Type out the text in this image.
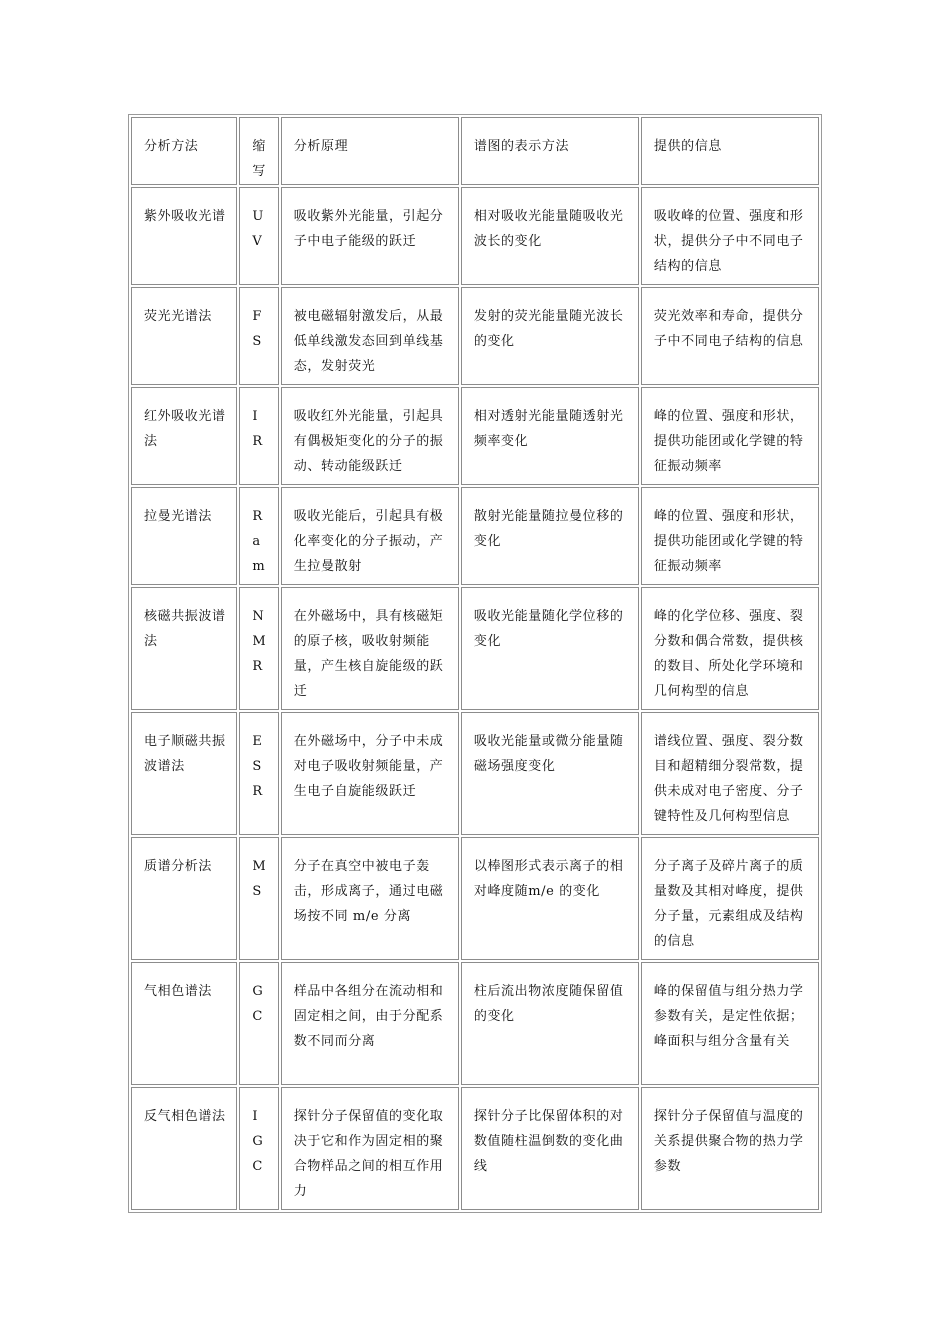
分析方法	缩写	分析原理	谱图的表示方法	提供的信息
紫外吸收光谱	UV	吸收紫外光能量，引起分子中电子能级的跃迁	相对吸收光能量随吸收光波长的变化	吸收峰的位置、强度和形状，提供分子中不同电子结构的信息
荧光光谱法	FS	被电磁辐射激发后，从最低单线激发态回到单线基态，发射荧光	发射的荧光能量随光波长的变化	荧光效率和寿命，提供分子中不同电子结构的信息
红外吸收光谱法	IR	吸收红外光能量，引起具有偶极矩变化的分子的振动、转动能级跃迁	相对透射光能量随透射光频率变化	峰的位置、强度和形状，提供功能团或化学键的特征振动频率
拉曼光谱法	Ram	吸收光能后，引起具有极化率变化的分子振动，产生拉曼散射	散射光能量随拉曼位移的变化	峰的位置、强度和形状，提供功能团或化学键的特征振动频率
核磁共振波谱法	NMR	在外磁场中，具有核磁矩的原子核，吸收射频能量，产生核自旋能级的跃迁	吸收光能量随化学位移的变化	峰的化学位移、强度、裂分数和偶合常数，提供核的数目、所处化学环境和几何构型的信息
电子顺磁共振波谱法	ESR	在外磁场中，分子中未成对电子吸收射频能量，产生电子自旋能级跃迁	吸收光能量或微分能量随磁场强度变化	谱线位置、强度、裂分数目和超精细分裂常数，提供未成对电子密度、分子键特性及几何构型信息
质谱分析法	MS	分子在真空中被电子轰击，形成离子，通过电磁场按不同 m/e 分离	以棒图形式表示离子的相对峰度随m/e 的变化	分子离子及碎片离子的质量数及其相对峰度，提供分子量，元素组成及结构的信息
气相色谱法	GC	样品中各组分在流动相和固定相之间，由于分配系数不同而分离	柱后流出物浓度随保留值的变化	峰的保留值与组分热力学参数有关，是定性依据；峰面积与组分含量有关
反气相色谱法	IGC	探针分子保留值的变化取决于它和作为固定相的聚合物样品之间的相互作用力	探针分子比保留体积的对数值随柱温倒数的变化曲线	探针分子保留值与温度的关系提供聚合物的热力学参数
